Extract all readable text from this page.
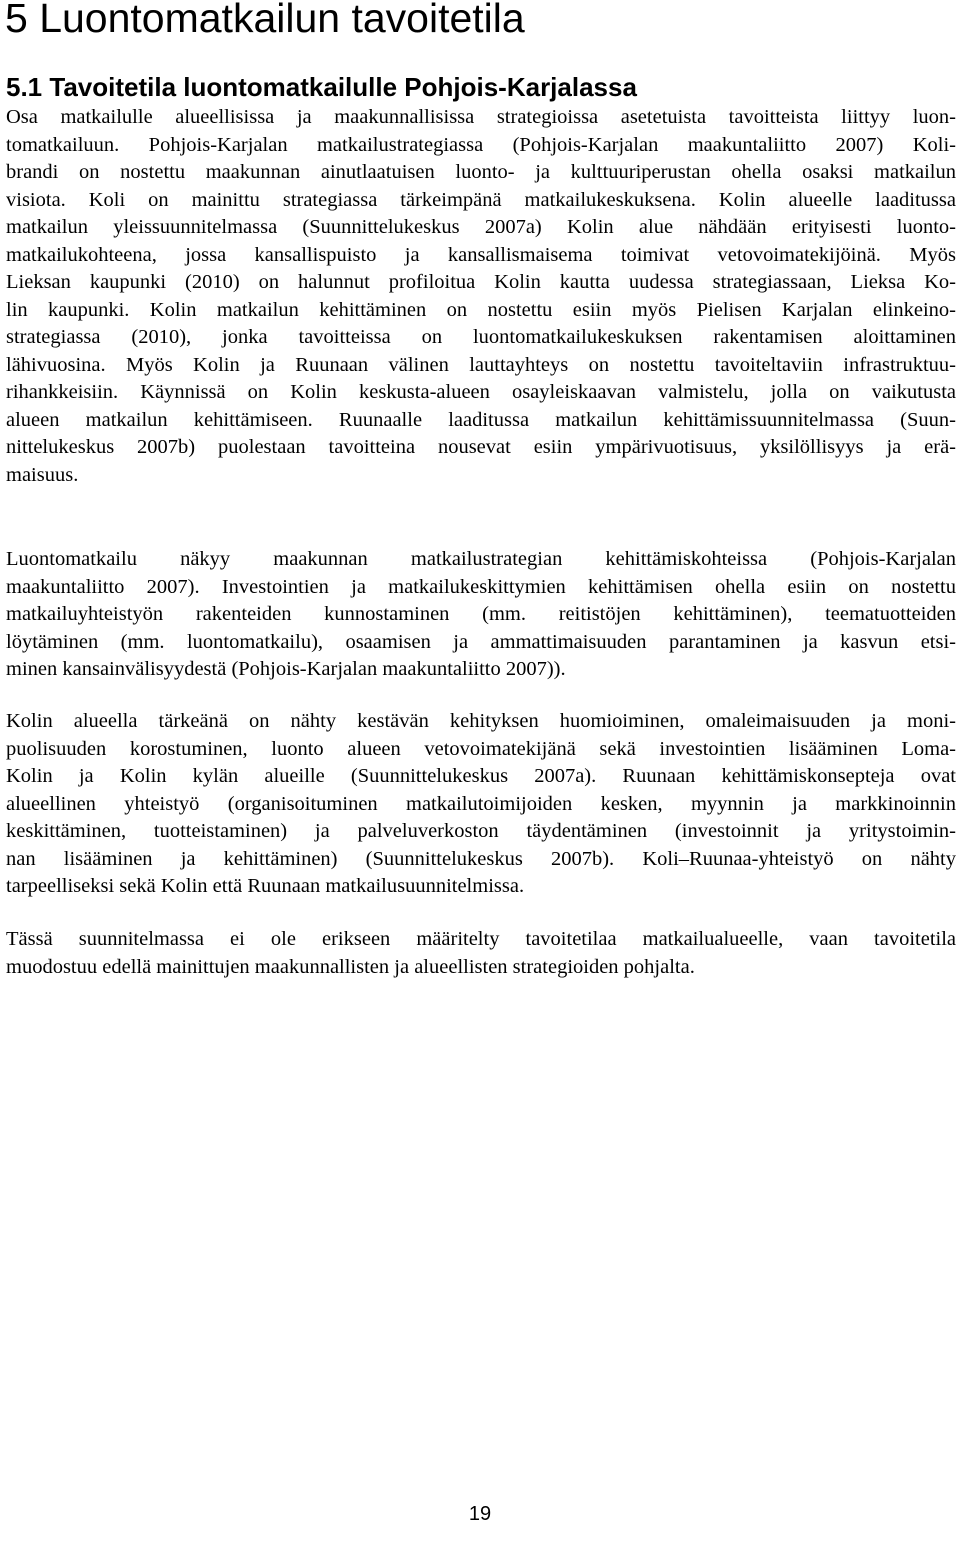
5 Luontomatkailun tavoitetila
5.1 Tavoitetila luontomatkailulle Pohjois-Karjalassa
Osa matkailulle alueellisissa ja maakunnallisissa strategioissa asetetuista tavoitteista liittyy luon-
tomatkailuun. Pohjois-Karjalan matkailustrategiassa (Pohjois-Karjalan maakuntaliitto 2007) Koli-
brandi on nostettu maakunnan ainutlaatuisen luonto- ja kulttuuriperustan ohella osaksi matkailun
visiota. Koli on mainittu strategiassa tärkeimpänä matkailukeskuksena. Kolin alueelle laaditussa
matkailun yleissuunnitelmassa (Suunnittelukeskus 2007a) Kolin alue nähdään erityisesti luonto-
matkailukohteena, jossa kansallispuisto ja kansallismaisema toimivat vetovoimatekijöinä. Myös
Lieksan kaupunki (2010) on halunnut profiloitua Kolin kautta uudessa strategiassaan, Lieksa Ko-
lin kaupunki. Kolin matkailun kehittäminen on nostettu esiin myös Pielisen Karjalan elinkeino-
strategiassa (2010), jonka tavoitteissa on luontomatkailukeskuksen rakentamisen aloittaminen
lähivuosina. Myös Kolin ja Ruunaan välinen lauttayhteys on nostettu tavoiteltaviin infrastruktuu-
rihankkeisiin. Käynnissä on Kolin keskusta-alueen osayleiskaavan valmistelu, jolla on vaikutusta
alueen matkailun kehittämiseen. Ruunaalle laaditussa matkailun kehittämissuunnitelmassa (Suun-
nittelukeskus 2007b) puolestaan tavoitteina nousevat esiin ympärivuotisuus, yksilöllisyys ja erä-
maisuus.
Luontomatkailu näkyy maakunnan matkailustrategian kehittämiskohteissa (Pohjois-Karjalan
maakuntaliitto 2007). Investointien ja matkailukeskittymien kehittämisen ohella esiin on nostettu
matkailuyhteistyön rakenteiden kunnostaminen (mm. reitistöjen kehittäminen), teematuotteiden
löytäminen (mm. luontomatkailu), osaamisen ja ammattimaisuuden parantaminen ja kasvun etsi-
minen kansainvälisyydestä (Pohjois-Karjalan maakuntaliitto 2007)).
Kolin alueella tärkeänä on nähty kestävän kehityksen huomioiminen, omaleimaisuuden ja moni-
puolisuuden korostuminen, luonto alueen vetovoimatekijänä sekä investointien lisääminen Loma-
Kolin ja Kolin kylän alueille (Suunnittelukeskus 2007a). Ruunaan kehittämiskonsepteja ovat
alueellinen yhteistyö (organisoituminen matkailutoimijoiden kesken, myynnin ja markkinoinnin
keskittäminen, tuotteistaminen) ja palveluverkoston täydentäminen (investoinnit ja yritystoimin-
nan lisääminen ja kehittäminen) (Suunnittelukeskus 2007b). Koli–Ruunaa-yhteistyö on nähty
tarpeelliseksi sekä Kolin että Ruunaan matkailusuunnitelmissa.
Tässä suunnitelmassa ei ole erikseen määritelty tavoitetilaa matkailualueelle, vaan tavoitetila
muodostuu edellä mainittujen maakunnallisten ja alueellisten strategioiden pohjalta.
19
